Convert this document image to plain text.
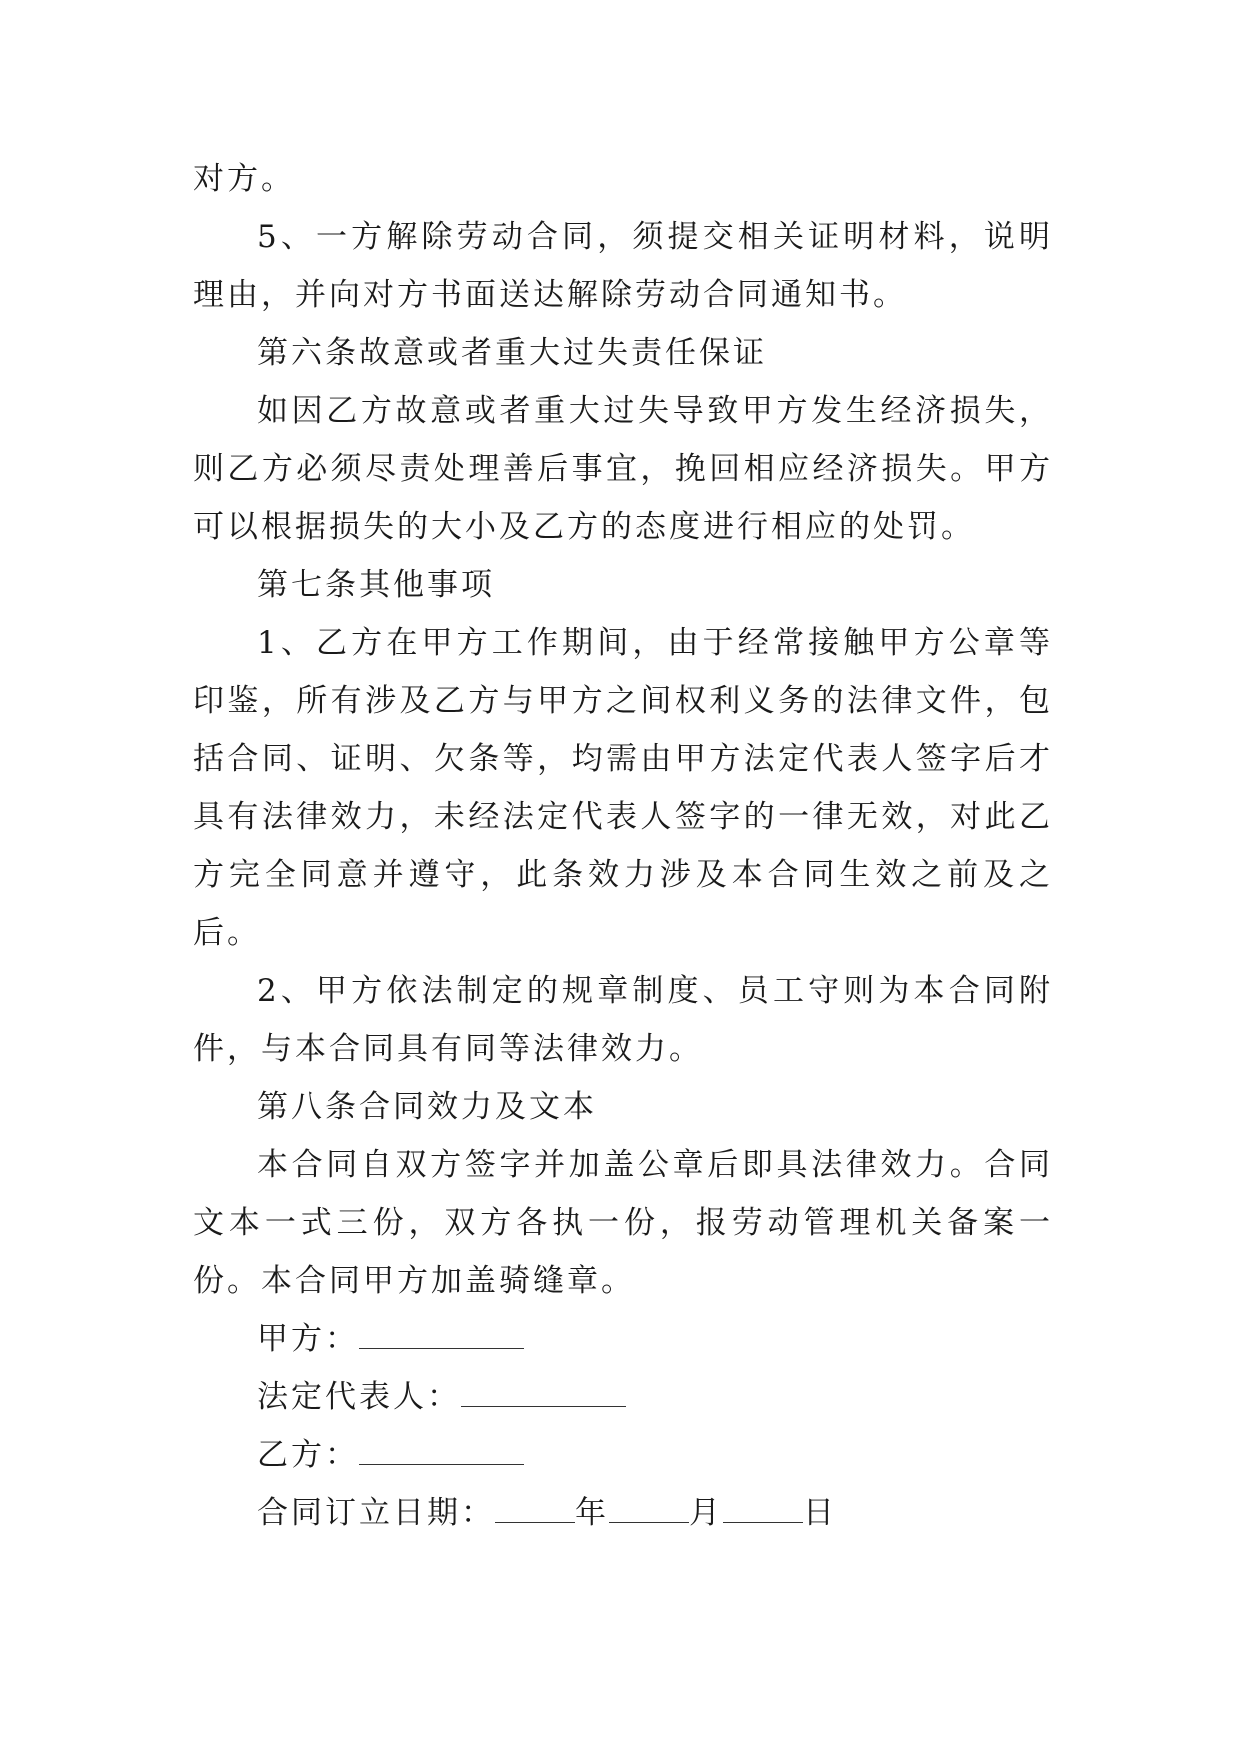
对方。

5、一方解除劳动合同，须提交相关证明材料，说明理由，并向对方书面送达解除劳动合同通知书。

第六条故意或者重大过失责任保证

如因乙方故意或者重大过失导致甲方发生经济损失，则乙方必须尽责处理善后事宜，挽回相应经济损失。甲方可以根据损失的大小及乙方的态度进行相应的处罚。

第七条其他事项

1、乙方在甲方工作期间，由于经常接触甲方公章等印鉴，所有涉及乙方与甲方之间权利义务的法律文件，包括合同、证明、欠条等，均需由甲方法定代表人签字后才具有法律效力，未经法定代表人签字的一律无效，对此乙方完全同意并遵守，此条效力涉及本合同生效之前及之后。

2、甲方依法制定的规章制度、员工守则为本合同附件，与本合同具有同等法律效力。

第八条合同效力及文本

本合同自双方签字并加盖公章后即具法律效力。合同文本一式三份，双方各执一份，报劳动管理机关备案一份。本合同甲方加盖骑缝章。

甲方：

法定代表人：

乙方：

合同订立日期：	年	月	日
